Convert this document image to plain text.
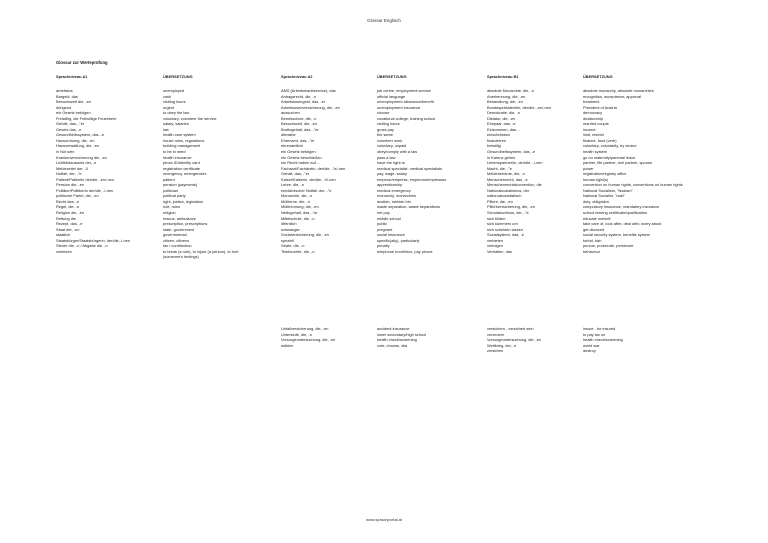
Glossar Englisch
Glossar zur Werteprüfung
Sprachniveau A1
arbeitslos
Bargeld, das
Besuchszeit die, -en
dringend
ein Gesetz befolgen
Freiwillig, die Freiwillige Feuerwehr
Gehalt, das, -"er
Gesetz das, -e
Gesundheitssystem, das, -e
Hausordnung, die, -en
Hausverwaltung, die, -en
in Not sein
Krankenversicherung die, -en
Lichtbildausweis der, -e
Meldezettel der, -0
Notfall, der, -"e
Patient/Patientin der/die, -en/-nen
Pension die, -en
Politiker/Politikerin der/die, -/-nen
politische Partei, die, -en
Recht das, -e
Regel, die, -n
Religion die, -en
Rettung die
Rezept, das, -e
Staat der, -en
staatlich
Staatsbürger/Staatsbürgerin, der/die,-/-nen
Steuer die, -n / Abgabe die, -n
verletzen
ÜBERSETZUNG
unemployed
cash
visiting hours
urgent
to obey the law
voluntary, volunteer fire service
salary, salaries
law
health care system
house rules, regulations
building management
to be in need
health insurance
photo ID/identity card
registration certificate
emergency, emergencies
patient
pension (payments)
politician
political party
right, justice, legislation
rule, rules
religion
rescue, ambulance
prescription, prescriptions
state, government
governmental
citizen, citizens
tax / contribution
to break (a rule), to injure (a person), to hurt
(someone's feelings)
Sprachniveau A2
AMS (Arbeitsmarktservice), das
Antragsrecht, die, -n
Arbeitslosengeld, das, -er
Arbeitslosenversicherung, die, -en
aussuchen
Berufsschule, die, -n
Besuchszeit, die, -en
Bruttogehalt, das, -"er
dienstbe
Ehrenamt, das, -"er
ehrenamtlich
ein Gesetz befolgen
ein Gesetz beschließen
ein Recht haben auf ...
Facharzt/Fachärztin, der/die, -"e/-nen
Gehalt, das, -"er
Kaiser/Kaiserin, der/die, -0/-nen
Lehre, die, -n
medizinischer Notfall, der, -"e
Monarchie, die, -n
Müllterne, die, -n
Mülltrennung, die, -en
Nettogehalt, das, -"er
Mittelschule, die, -n
öffentlich
schwanger
Sozialversicherung, die, -en
speziell
Strafe, die, -n
Telefonzelle, die, -n
ÜBERSETZUNG
job centre, employment service
official language
unemployment allowance/benefit
unemployment insurance
choose
vocational college, training school
visiting hours
gross pay
the same
volunteer work
voluntary, unpaid
obey/comply with a law
pass a law
have the right to
medical specialist, medical specialists
pay, wage, salary
emperor/empress, emperors/empresses
apprenticeship
medical emergency
monarchy, monarchies
dustbin, rubbish bin
waste separation, waste separations
net pay
middle school
public
pregnant
social insurance
specific(ally), particularly
penalty
telephone booth/box, pay phone
Sprachniveau B1
absolute Monarchie, die, -n
Anerkennung, die, -en
Behandlung, die, -en
Bundespräsident/in, der/die, -en/-nen
Demokratie, die, -n
Diktatur, die, -en
Ehepaar, das, -e
Einkommen, das, -
einschränken
finanzieren
freiwillig
Gesundheitssystem, das, -e
in Karenz gehen
Lebenspartner/in, der/die, -/-nen
Macht, die, -"e
Meldebehörde, die, -n
Menschenrecht, das, -e
Menschenrechtskonvention, die
Nationalsozialismus, der
nationalsozialistisch
Pflicht, die, -en
Pflichtversicherung, die, -en
Schulabschluss, der, -"e
sich bilden
sich kümmern um
sich scheiden lassen
Sozialsystem, das, -e
verbieten
verfolgen
Verhalten, das
ÜBERSETZUNG
absolute monarchy, absolute monarchies
recognition, acceptance; approval
treatment
President of Austria
democracy
dictatorship
married couple
income
limit, restrict
finance, fund (verb)
voluntary, voluntarily, by choice
health system
go on maternity/parental leave
partner, life partner, civil partner, spouse
power
registration/registry office
human right(s)
convention on human rights, conventions on human rights
National Socialism, "Nazism"
National Socialist, "nazi"
duty, obligation
compulsory insurance, mandatory insurance
school leaving certificate/qualification
educate oneself
take care of, look after, deal with; worry about
get divorced
social security system, benefits system
forbid, ban
pursue, prosecute, persecute
behaviour
Unfallversicherung, die, -en
Unterstufe, die, -n
Vorsorgeuntersuchung, die, -en
wählen
accident insurance
lower secondary/high school
health check/screening
vote, choose, dial
versichern - versichert sein
verzeuern
Vorsorgeuntersuchung, die, -en
Weltkrieg, der, -e
zerstören
insure - be insured
to pay tax on
health check/screening
world war
destroy
www.sprachportal.at
